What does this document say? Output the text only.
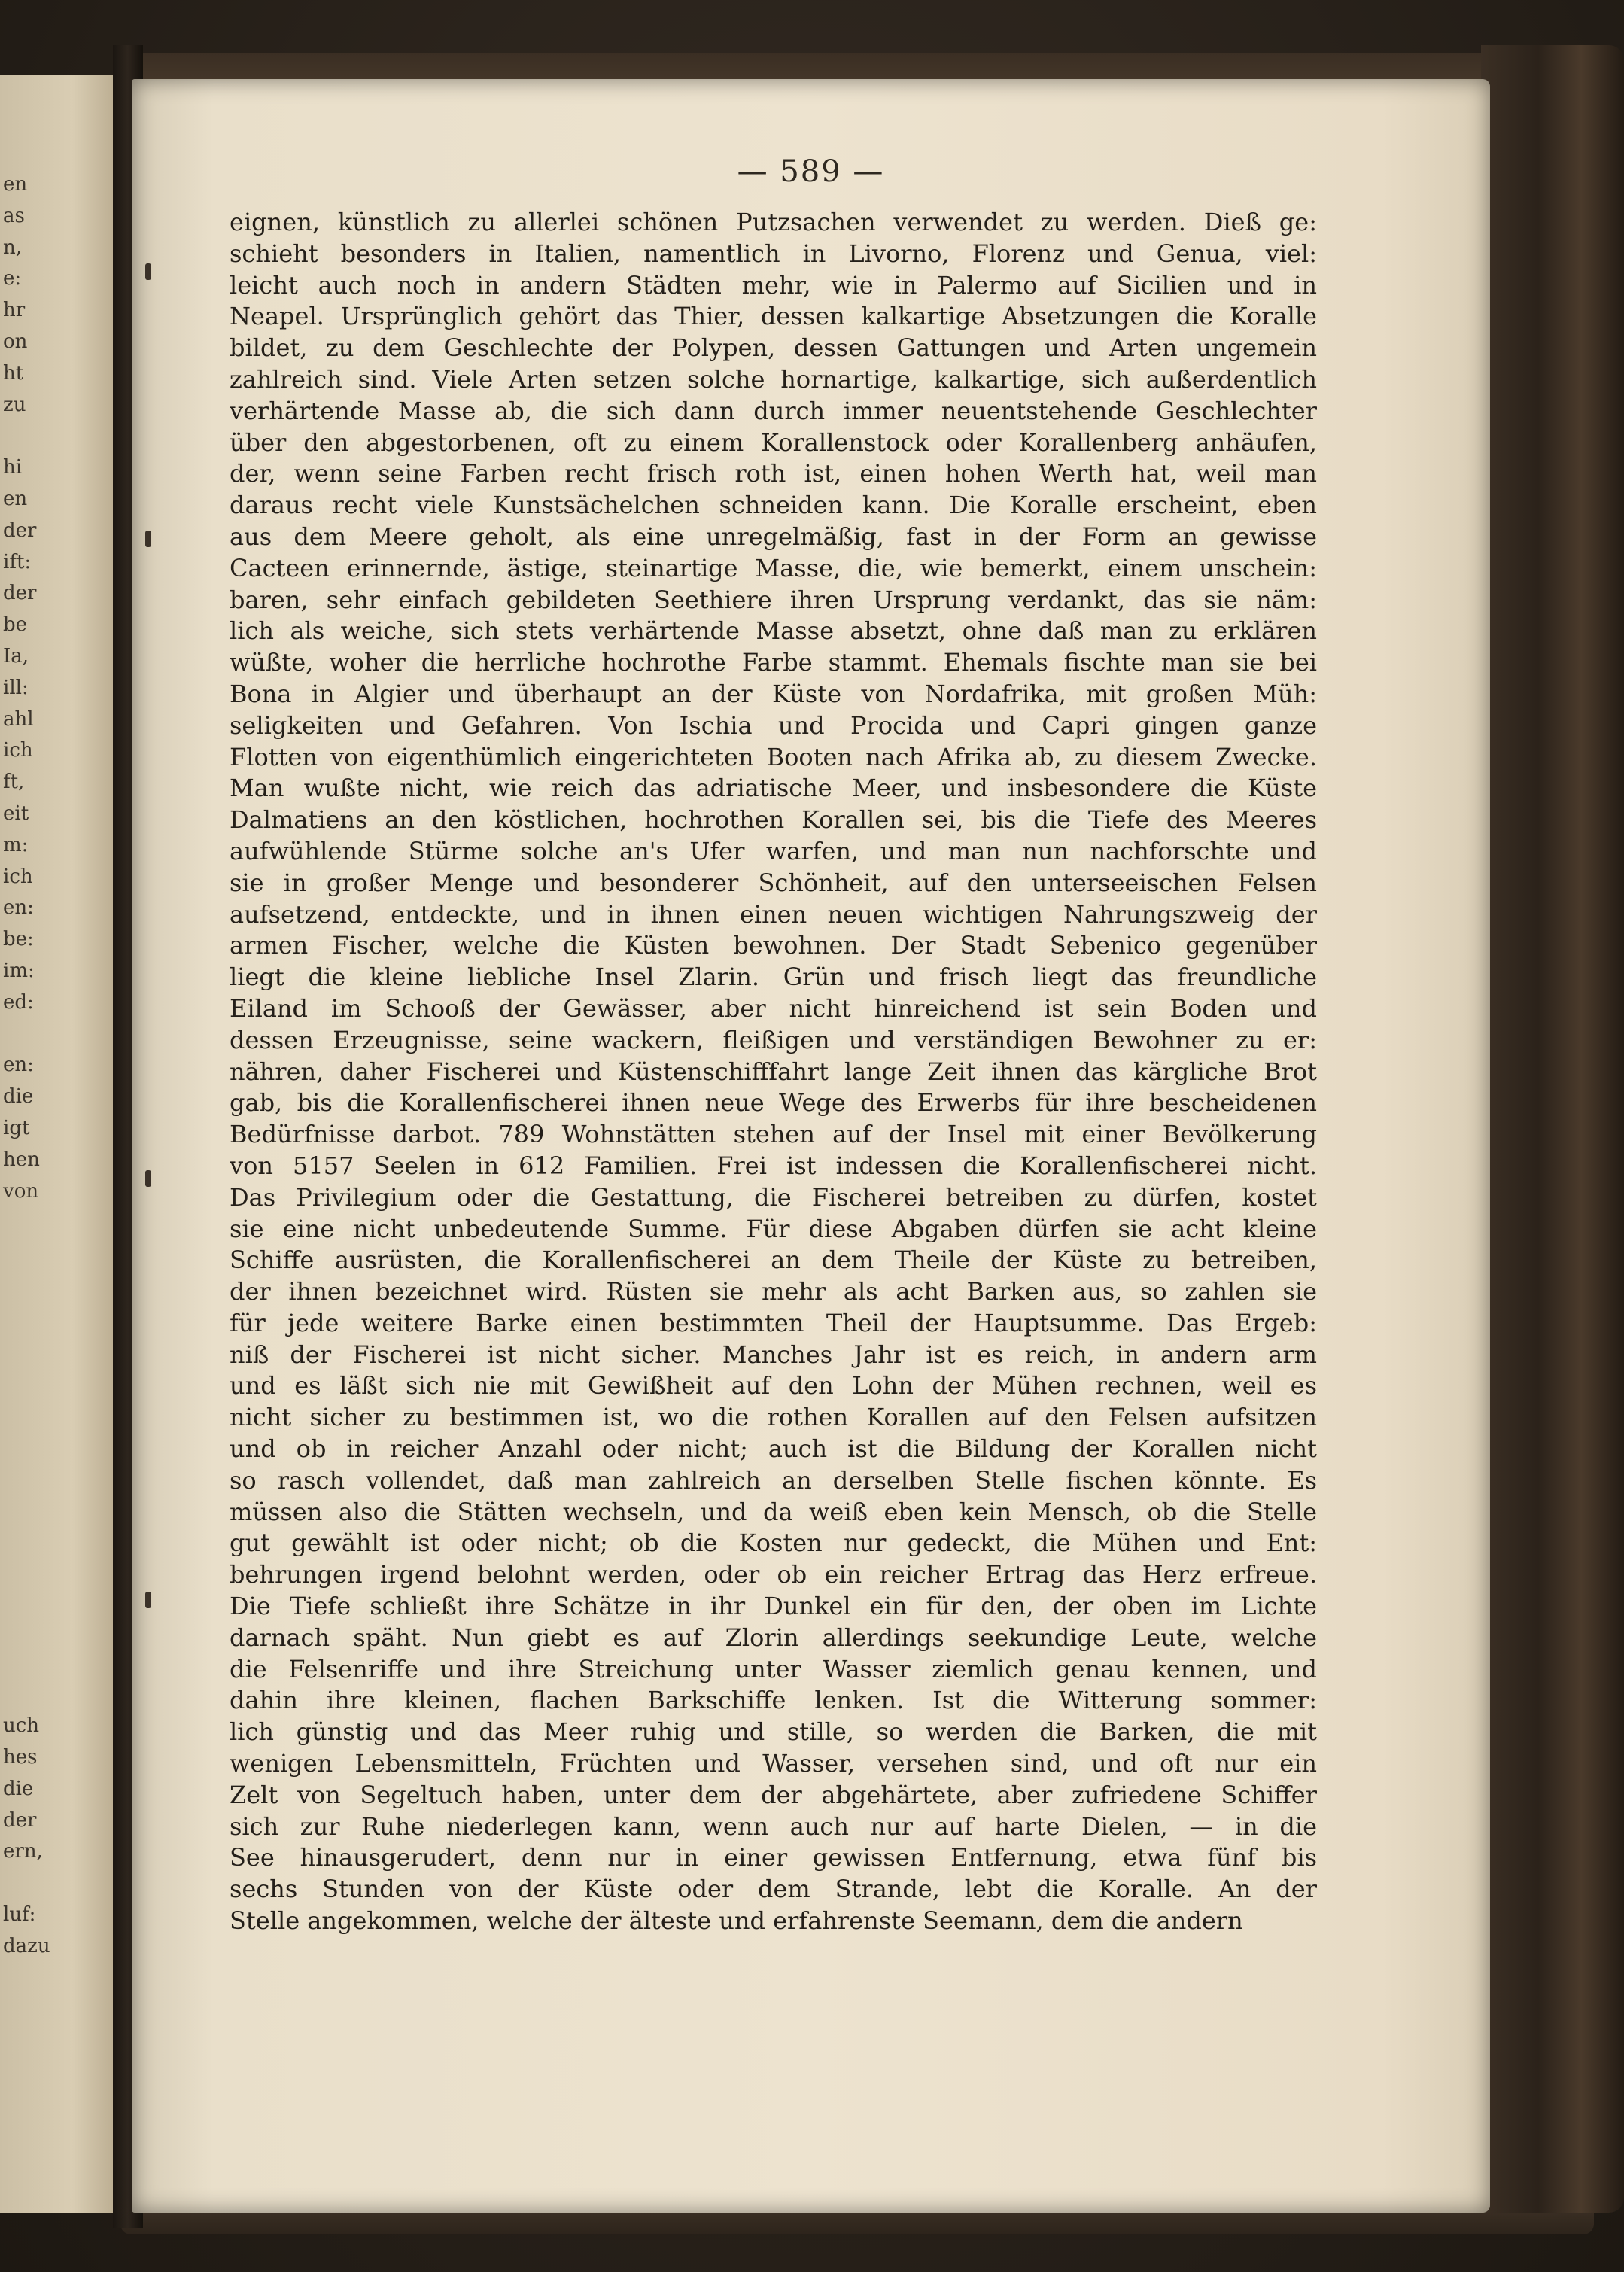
en
as
n,
e:
hr
on
ht
zu
hi
en
der
ift:
der
be
Ia,
ill:
ahl
ich
ft,
eit
m:
ich
en:
be:
im:
ed:
en:
die
igt
hen
von
uch
hes
die
der
ern,
luf:
dazu
— 589 —
eignen, künstlich zu allerlei schönen Putzsachen verwendet zu werden. Dieß ge:
schieht besonders in Italien, namentlich in Livorno, Florenz und Genua, viel:
leicht auch noch in andern Städten mehr, wie in Palermo auf Sicilien und in
Neapel. Ursprünglich gehört das Thier, dessen kalkartige Absetzungen die Koralle
bildet, zu dem Geschlechte der Polypen, dessen Gattungen und Arten ungemein
zahlreich sind. Viele Arten setzen solche hornartige, kalkartige, sich außerdentlich
verhärtende Masse ab, die sich dann durch immer neuentstehende Geschlechter
über den abgestorbenen, oft zu einem Korallenstock oder Korallenberg anhäufen,
der, wenn seine Farben recht frisch roth ist, einen hohen Werth hat, weil man
daraus recht viele Kunstsächelchen schneiden kann. Die Koralle erscheint, eben
aus dem Meere geholt, als eine unregelmäßig, fast in der Form an gewisse
Cacteen erinnernde, ästige, steinartige Masse, die, wie bemerkt, einem unschein:
baren, sehr einfach gebildeten Seethiere ihren Ursprung verdankt, das sie näm:
lich als weiche, sich stets verhärtende Masse absetzt, ohne daß man zu erklären
wüßte, woher die herrliche hochrothe Farbe stammt. Ehemals fischte man sie bei
Bona in Algier und überhaupt an der Küste von Nordafrika, mit großen Müh:
seligkeiten und Gefahren. Von Ischia und Procida und Capri gingen ganze
Flotten von eigenthümlich eingerichteten Booten nach Afrika ab, zu diesem Zwecke.
Man wußte nicht, wie reich das adriatische Meer, und insbesondere die Küste
Dalmatiens an den köstlichen, hochrothen Korallen sei, bis die Tiefe des Meeres
aufwühlende Stürme solche an's Ufer warfen, und man nun nachforschte und
sie in großer Menge und besonderer Schönheit, auf den unterseeischen Felsen
aufsetzend, entdeckte, und in ihnen einen neuen wichtigen Nahrungszweig der
armen Fischer, welche die Küsten bewohnen. Der Stadt Sebenico gegenüber
liegt die kleine liebliche Insel Zlarin. Grün und frisch liegt das freundliche
Eiland im Schooß der Gewässer, aber nicht hinreichend ist sein Boden und
dessen Erzeugnisse, seine wackern, fleißigen und verständigen Bewohner zu er:
nähren, daher Fischerei und Küstenschifffahrt lange Zeit ihnen das kärgliche Brot
gab, bis die Korallenfischerei ihnen neue Wege des Erwerbs für ihre bescheidenen
Bedürfnisse darbot. 789 Wohnstätten stehen auf der Insel mit einer Bevölkerung
von 5157 Seelen in 612 Familien. Frei ist indessen die Korallenfischerei nicht.
Das Privilegium oder die Gestattung, die Fischerei betreiben zu dürfen, kostet
sie eine nicht unbedeutende Summe. Für diese Abgaben dürfen sie acht kleine
Schiffe ausrüsten, die Korallenfischerei an dem Theile der Küste zu betreiben,
der ihnen bezeichnet wird. Rüsten sie mehr als acht Barken aus, so zahlen sie
für jede weitere Barke einen bestimmten Theil der Hauptsumme. Das Ergeb:
niß der Fischerei ist nicht sicher. Manches Jahr ist es reich, in andern arm
und es läßt sich nie mit Gewißheit auf den Lohn der Mühen rechnen, weil es
nicht sicher zu bestimmen ist, wo die rothen Korallen auf den Felsen aufsitzen
und ob in reicher Anzahl oder nicht; auch ist die Bildung der Korallen nicht
so rasch vollendet, daß man zahlreich an derselben Stelle fischen könnte. Es
müssen also die Stätten wechseln, und da weiß eben kein Mensch, ob die Stelle
gut gewählt ist oder nicht; ob die Kosten nur gedeckt, die Mühen und Ent:
behrungen irgend belohnt werden, oder ob ein reicher Ertrag das Herz erfreue.
Die Tiefe schließt ihre Schätze in ihr Dunkel ein für den, der oben im Lichte
darnach späht. Nun giebt es auf Zlorin allerdings seekundige Leute, welche
die Felsenriffe und ihre Streichung unter Wasser ziemlich genau kennen, und
dahin ihre kleinen, flachen Barkschiffe lenken. Ist die Witterung sommer:
lich günstig und das Meer ruhig und stille, so werden die Barken, die mit
wenigen Lebensmitteln, Früchten und Wasser, versehen sind, und oft nur ein
Zelt von Segeltuch haben, unter dem der abgehärtete, aber zufriedene Schiffer
sich zur Ruhe niederlegen kann, wenn auch nur auf harte Dielen, — in die
See hinausgerudert, denn nur in einer gewissen Entfernung, etwa fünf bis
sechs Stunden von der Küste oder dem Strande, lebt die Koralle. An der
Stelle angekommen, welche der älteste und erfahrenste Seemann, dem die andern
